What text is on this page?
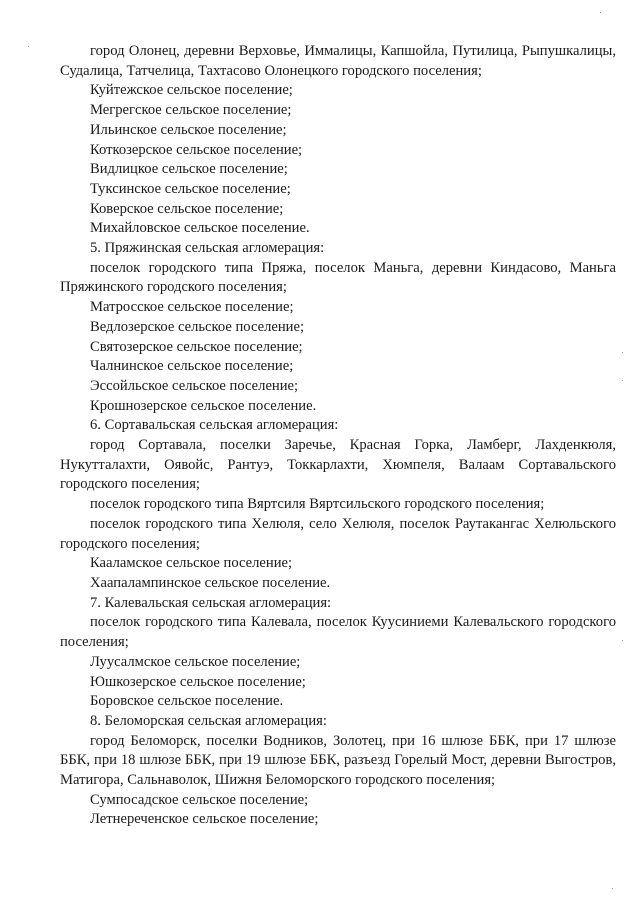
город Олонец, деревни Верховье, Иммалицы, Капшойла, Путилица, Рыпушкалицы, Судалица, Татчелица, Тахтасово Олонецкого городского поселения;

Куйтежское сельское поселение;

Мегрегское сельское поселение;

Ильинское сельское поселение;

Коткозерское сельское поселение;

Видлицкое сельское поселение;

Туксинское сельское поселение;

Коверское сельское поселение;

Михайловское сельское поселение.

5. Пряжинская сельская агломерация:

поселок городского типа Пряжа, поселок Маньга, деревни Киндасово, Маньга Пряжинского городского поселения;

Матросское сельское поселение;

Ведлозерское сельское поселение;

Святозерское сельское поселение;

Чалнинское сельское поселение;

Эссойльское сельское поселение;

Крошнозерское сельское поселение.

6. Сортавальская сельская агломерация:

город Сортавала, поселки Заречье, Красная Горка, Ламберг, Лахденкюля, Нукутталахти, Оявойс, Рантуэ, Токкарлахти, Хюмпеля, Валаам Сортавальского городского поселения;

поселок городского типа Вяртсиля Вяртсильского городского поселения;

поселок городского типа Хелюля, село Хелюля, поселок Раутакангас Хелюльского городского поселения;

Кааламское сельское поселение;

Хаапалампинское сельское поселение.

7. Калевальская сельская агломерация:

поселок городского типа Калевала, поселок Куусиниеми Калевальского городского поселения;

Луусалмское сельское поселение;

Юшкозерское сельское поселение;

Боровское сельское поселение.

8. Беломорская сельская агломерация:

город Беломорск, поселки Водников, Золотец, при 16 шлюзе ББК, при 17 шлюзе ББК, при 18 шлюзе ББК, при 19 шлюзе ББК, разъезд Горелый Мост, деревни Выгостров, Матигора, Сальнаволок, Шижня Беломорского городского поселения;

Сумпосадское сельское поселение;

Летнереченское сельское поселение;
